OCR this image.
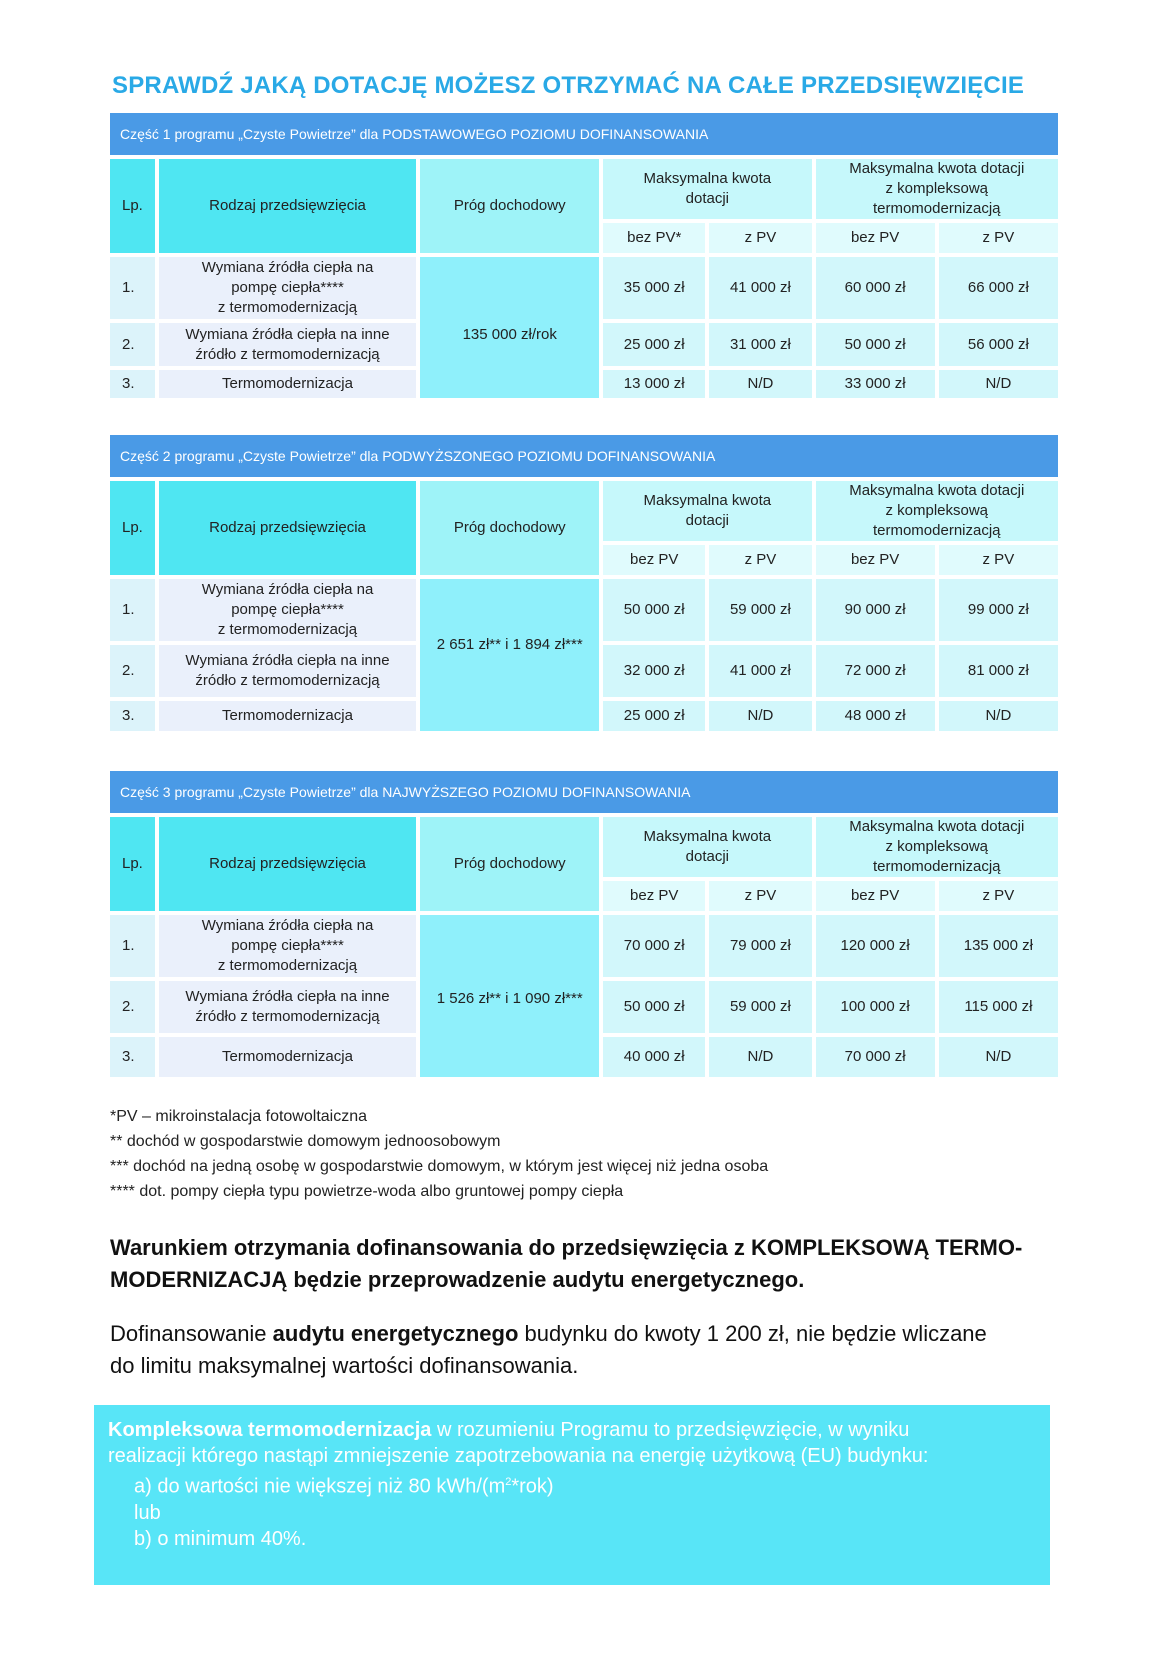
SPRAWDŹ JAKĄ DOTACJĘ MOŻESZ OTRZYMAĆ NA CAŁE PRZEDSIĘWZIĘCIE
Część 1 programu „Czyste Powietrze” dla PODSTAWOWEGO POZIOMU DOFINANSOWANIA
Lp.	Rodzaj przedsięwzięcia	Próg dochodowy	Maksymalna kwota
dotacji		Maksymalna kwota dotacji
z kompleksową
termomodernizacją	
			bez PV*	z PV	bez PV	z PV
1.	Wymiana źródła ciepła na
pompę ciepła****
z termomodernizacją	135 000 zł/rok	35 000 zł	41 000 zł	60 000 zł	66 000 zł
2.	Wymiana źródła ciepła na inne
źródło z termomodernizacją		25 000 zł	31 000 zł	50 000 zł	56 000 zł
3.	Termomodernizacja		13 000 zł	N/D	33 000 zł	N/D
Część 2 programu „Czyste Powietrze” dla PODWYŻSZONEGO POZIOMU DOFINANSOWANIA
Lp.	Rodzaj przedsięwzięcia	Próg dochodowy	Maksymalna kwota
dotacji		Maksymalna kwota dotacji
z kompleksową
termomodernizacją	
			bez PV	z PV	bez PV	z PV
1.	Wymiana źródła ciepła na
pompę ciepła****
z termomodernizacją	2 651 zł** i 1 894 zł***	50 000 zł	59 000 zł	90 000 zł	99 000 zł
2.	Wymiana źródła ciepła na inne
źródło z termomodernizacją		32 000 zł	41 000 zł	72 000 zł	81 000 zł
3.	Termomodernizacja		25 000 zł	N/D	48 000 zł	N/D
Część 3 programu „Czyste Powietrze” dla NAJWYŻSZEGO POZIOMU DOFINANSOWANIA
Lp.	Rodzaj przedsięwzięcia	Próg dochodowy	Maksymalna kwota
dotacji		Maksymalna kwota dotacji
z kompleksową
termomodernizacją	
			bez PV	z PV	bez PV	z PV
1.	Wymiana źródła ciepła na
pompę ciepła****
z termomodernizacją	1 526 zł** i 1 090 zł***	70 000 zł	79 000 zł	120 000 zł	135 000 zł
2.	Wymiana źródła ciepła na inne
źródło z termomodernizacją		50 000 zł	59 000 zł	100 000 zł	115 000 zł
3.	Termomodernizacja		40 000 zł	N/D	70 000 zł	N/D
*PV – mikroinstalacja fotowoltaiczna
** dochód w gospodarstwie domowym jednoosobowym
*** dochód na jedną osobę w gospodarstwie domowym, w którym jest więcej niż jedna osoba
**** dot. pompy ciepła typu powietrze-woda albo gruntowej pompy ciepła
Warunkiem otrzymania dofinansowania do przedsięwzięcia z KOMPLEKSOWĄ TERMO-
MODERNIZACJĄ będzie przeprowadzenie audytu energetycznego.
Dofinansowanie audytu energetycznego budynku do kwoty 1 200 zł, nie będzie wliczane
do limitu maksymalnej wartości dofinansowania.
Kompleksowa termomodernizacja w rozumieniu Programu to przedsięwzięcie, w wyniku
realizacji którego nastąpi zmniejszenie zapotrzebowania na energię użytkową (EU) budynku:
a) do wartości nie większej niż 80 kWh/$(m^2*rok)$
lub
b) o minimum 40%.
